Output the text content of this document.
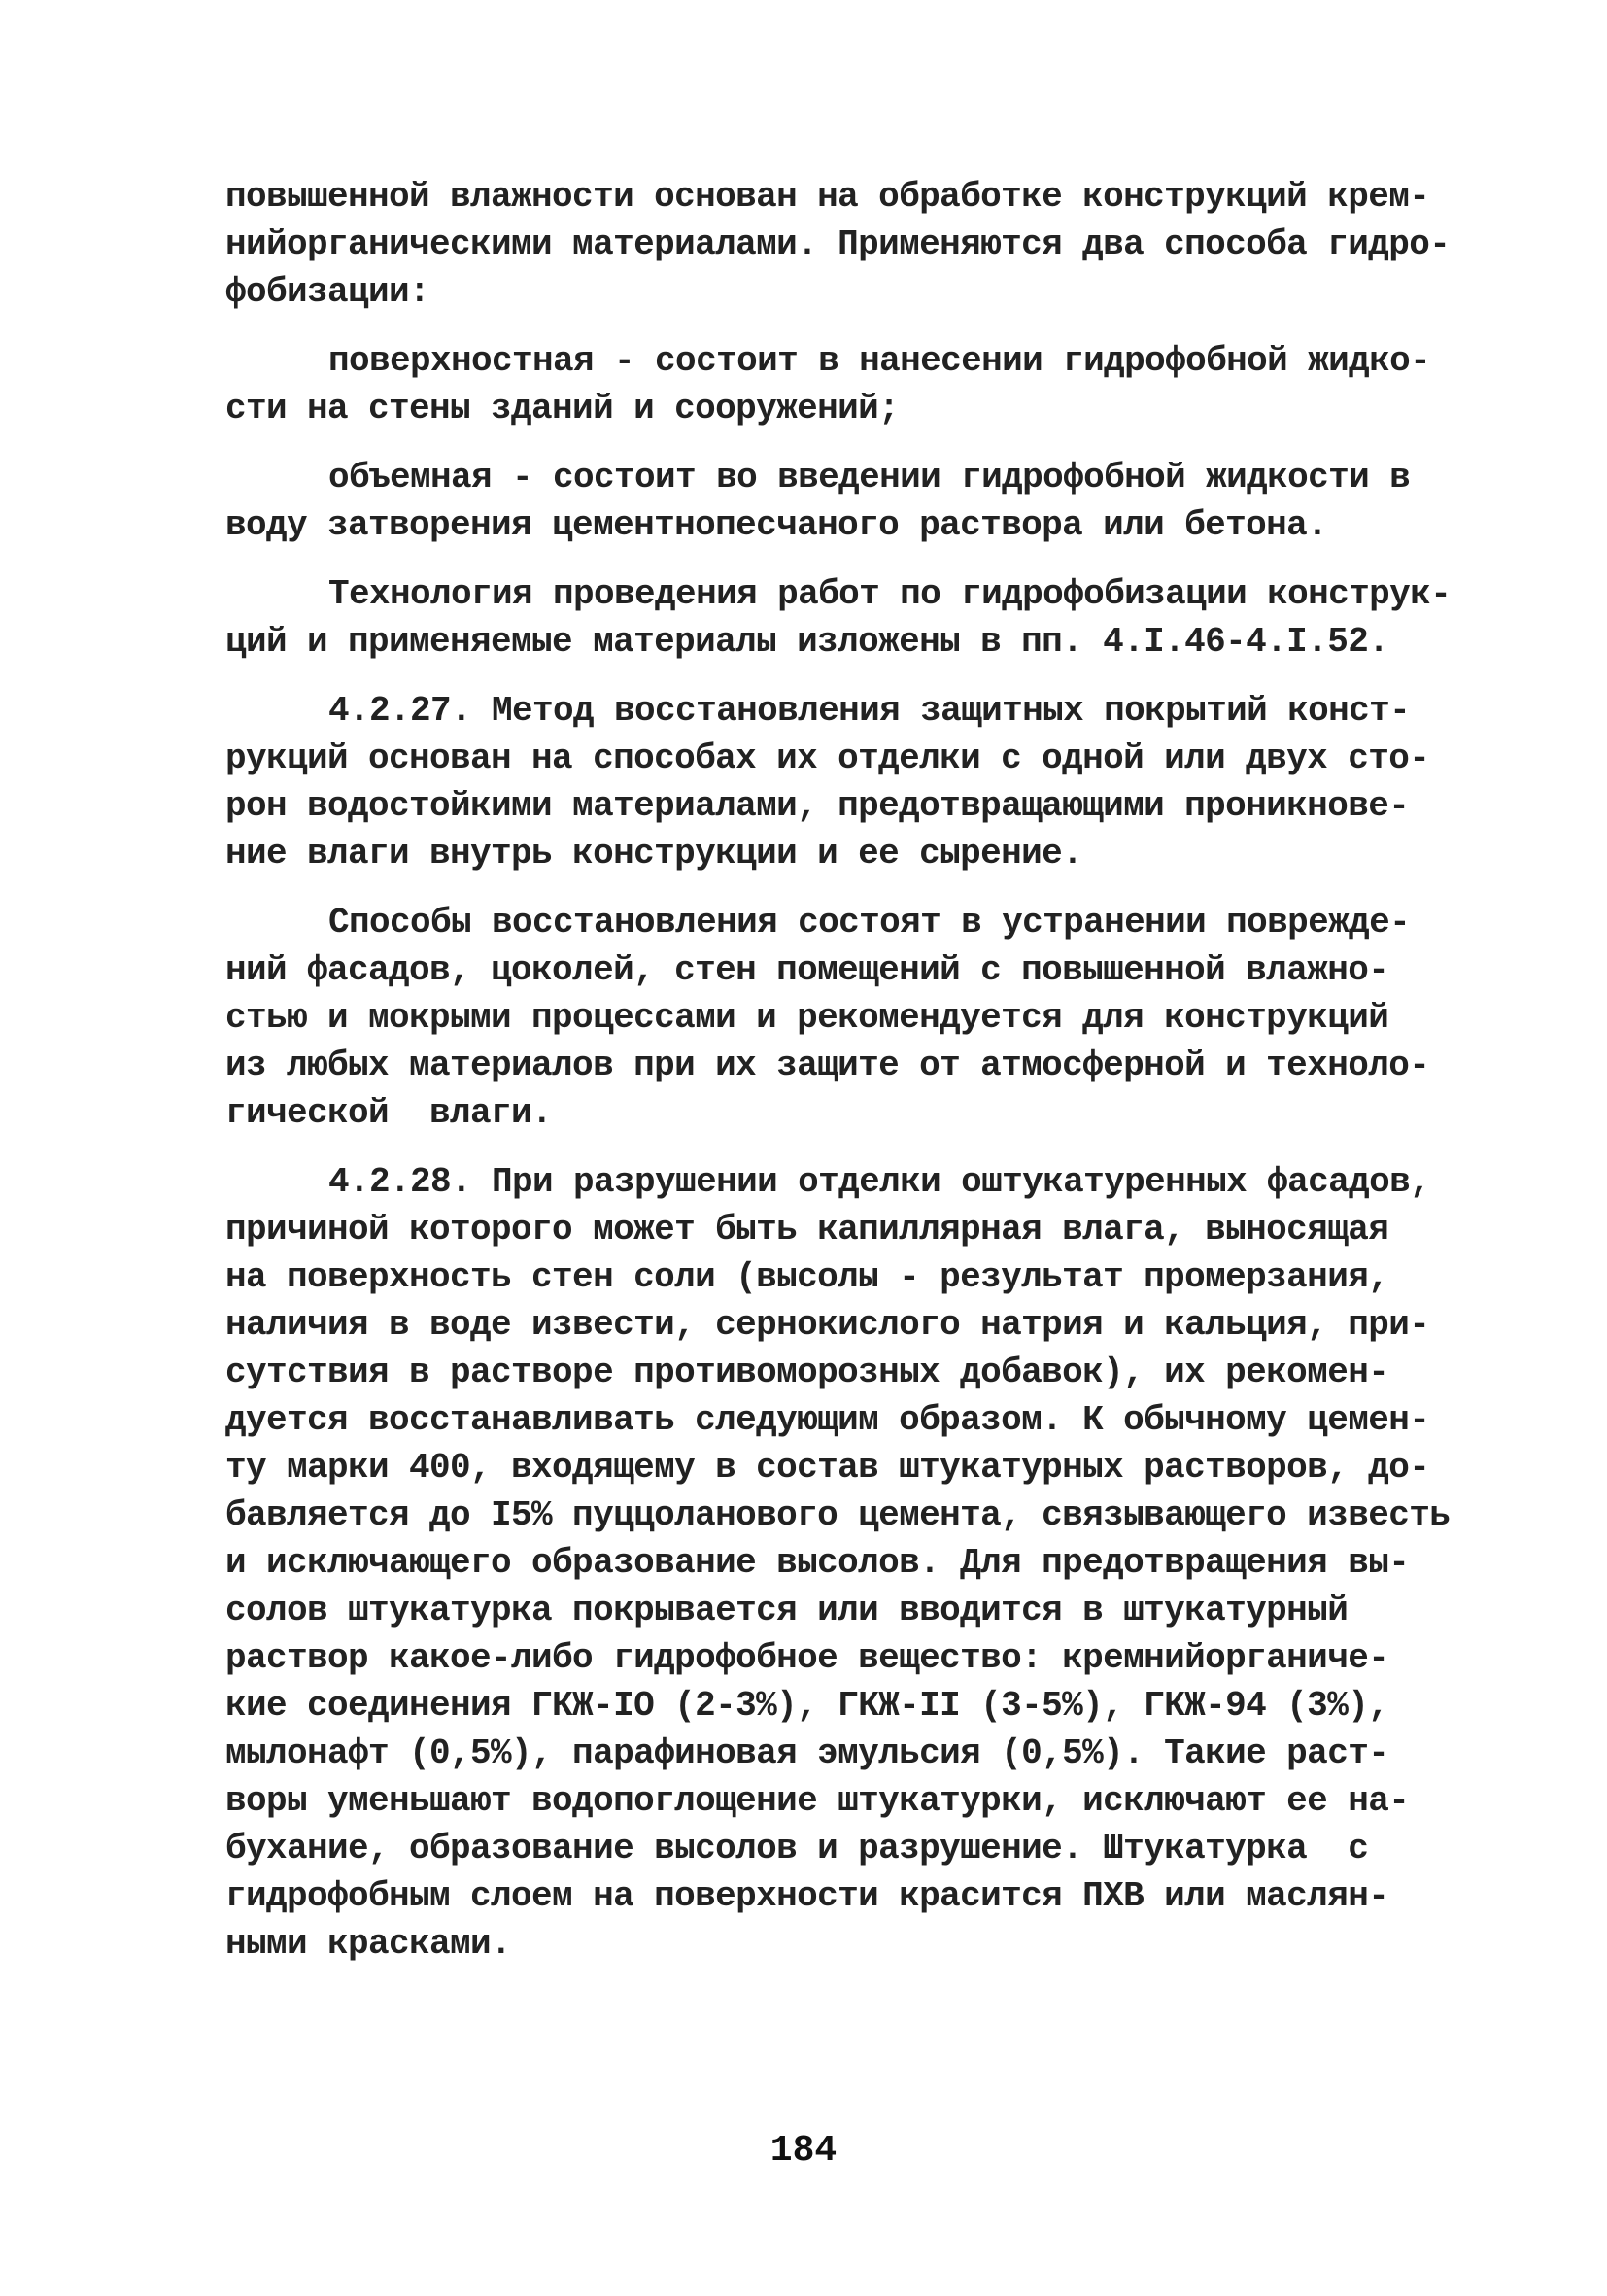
повышенной влажности основан на обработке конструкций крем-
нийорганическими материалами. Применяются два способа гидро-
фобизации:
поверхностная - состоит в нанесении гидрофобной жидко-
сти на стены зданий и сооружений;
объемная - состоит во введении гидрофобной жидкости в
воду затворения цементнопесчаного раствора или бетона.
Технология проведения работ по гидрофобизации конструк-
ций и применяемые материалы изложены в пп. 4.I.46-4.I.52.
4.2.27. Метод восстановления защитных покрытий конст-
рукций основан на способах их отделки с одной или двух сто-
рон водостойкими материалами, предотвращающими проникнове-
ние влаги внутрь конструкции и ее сырение.
Способы восстановления состоят в устранении поврежде-
ний фасадов, цоколей, стен помещений с повышенной влажно-
стью и мокрыми процессами и рекомендуется для конструкций
из любых материалов при их защите от атмосферной и техноло-
гической  влаги.
4.2.28. При разрушении отделки оштукатуренных фасадов,
причиной которого может быть капиллярная влага, выносящая
на поверхность стен соли (высолы - результат промерзания,
наличия в воде извести, сернокислого натрия и кальция, при-
сутствия в растворе противоморозных добавок), их рекомен-
дуется восстанавливать следующим образом. К обычному цемен-
ту марки 400, входящему в состав штукатурных растворов, до-
бавляется до I5% пуццоланового цемента, связывающего известь
и исключающего образование высолов. Для предотвращения вы-
солов штукатурка покрывается или вводится в штукатурный
раствор какое-либо гидрофобное вещество: кремнийорганиче-
кие соединения ГКЖ-IO (2-3%), ГКЖ-II (3-5%), ГКЖ-94 (3%),
мылонафт (0,5%), парафиновая эмульсия (0,5%). Такие раст-
воры уменьшают водопоглощение штукатурки, исключают ее на-
бухание, образование высолов и разрушение. Штукатурка  с
гидрофобным слоем на поверхности красится ПХВ или маслян-
ными красками.
184
